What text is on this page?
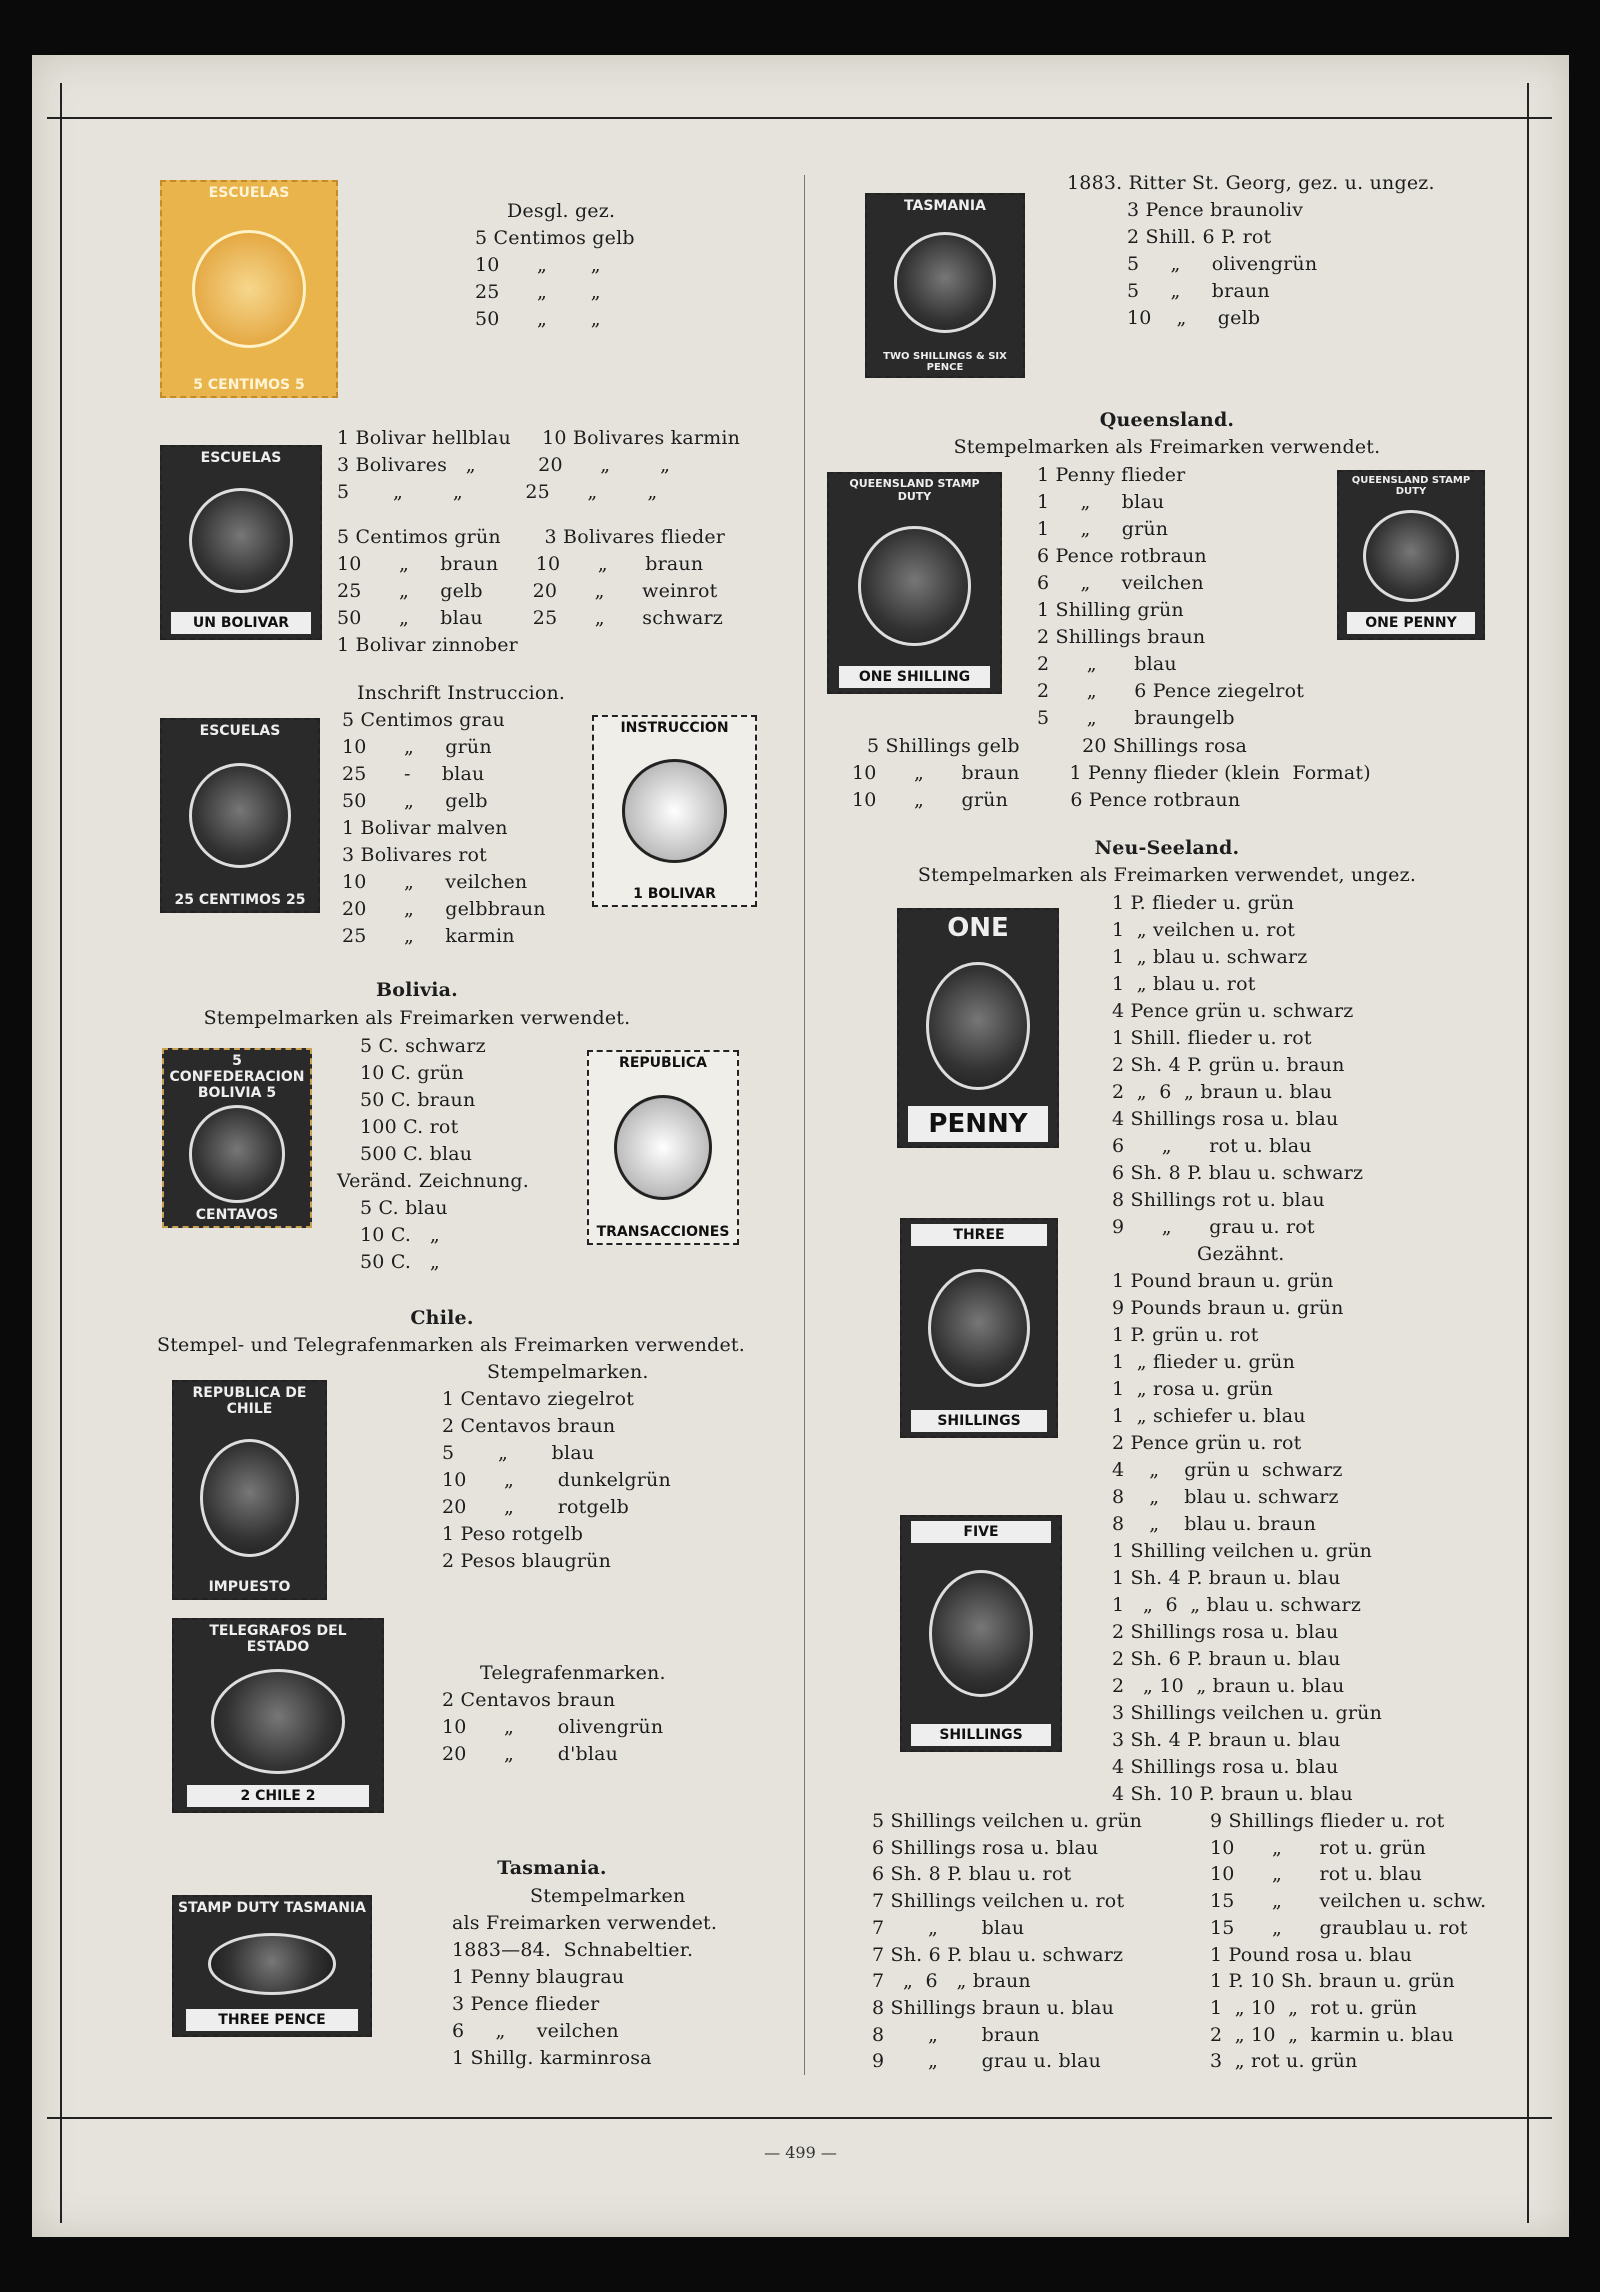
ESCUELAS
5 CENTIMOS 5
ESCUELAS
UN BOLIVAR
ESCUELAS
25 CENTIMOS 25
INSTRUCCION
1 BOLIVAR
5 CONFEDERACION BOLIVIA 5
CENTAVOS
REPUBLICA
TRANSACCIONES
REPUBLICA DE CHILE
IMPUESTO
TELEGRAFOS DEL ESTADO
2 CHILE 2
STAMP DUTY TASMANIA
THREE PENCE
TASMANIA
TWO SHILLINGS & SIX PENCE
QUEENSLAND STAMP DUTY
ONE SHILLING
QUEENSLAND STAMP DUTY
ONE PENNY
ONE
PENNY
THREE
SHILLINGS
FIVE
SHILLINGS
Desgl. gez.
5 Centimos gelb
10      „       „
25      „       „
50      „       „
1 Bolivar hellblau     10 Bolivares karmin
3 Bolivares   „          20      „        „
5       „        „          25      „        „
5 Centimos grün       3 Bolivares flieder
10      „     braun      10      „      braun
25      „     gelb        20      „      weinrot
50      „     blau        25      „      schwarz
1 Bolivar zinnober
Inschrift Instruccion.
5 Centimos grau
10      „     grün
25      -     blau
50      „     gelb
1 Bolivar malven
3 Bolivares rot
10      „     veilchen
20      „     gelbbraun
25      „     karmin
Bolivia.
Stempelmarken als Freimarken verwendet.
5 C. schwarz
10 C. grün
50 C. braun
100 C. rot
500 C. blau
Veränd. Zeichnung.
5 C. blau
10 C.   „
50 C.   „
Chile.
Stempel- und Telegrafenmarken als Freimarken verwendet.
Stempelmarken.
1 Centavo ziegelrot
2 Centavos braun
5       „       blau
10      „       dunkelgrün
20      „       rotgelb
1 Peso rotgelb
2 Pesos blaugrün
Telegrafenmarken.
2 Centavos braun
10      „       olivengrün
20      „       d'blau
Tasmania.
Stempelmarken
als Freimarken verwendet.
1883—84.  Schnabeltier.
1 Penny blaugrau
3 Pence flieder
6     „     veilchen
1 Shillg. karminrosa
1883. Ritter St. Georg, gez. u. ungez.
3 Pence braunoliv
2 Shill. 6 P. rot
5     „     olivengrün
5     „     braun
10    „     gelb
Queensland.
Stempelmarken als Freimarken verwendet.
1 Penny flieder
1     „     blau
1     „     grün
6 Pence rotbraun
6     „     veilchen
1 Shilling grün
2 Shillings braun
2      „      blau
2      „      6 Pence ziegelrot
5      „      braungelb
5 Shillings gelb          20 Shillings rosa
10      „      braun        1 Penny flieder (klein  Format)
10      „      grün          6 Pence rotbraun
Neu-Seeland.
Stempelmarken als Freimarken verwendet, ungez.
1 P. flieder u. grün
1  „ veilchen u. rot
1  „ blau u. schwarz
1  „ blau u. rot
4 Pence grün u. schwarz
1 Shill. flieder u. rot
2 Sh. 4 P. grün u. braun
2  „  6  „ braun u. blau
4 Shillings rosa u. blau
6      „      rot u. blau
6 Sh. 8 P. blau u. schwarz
8 Shillings rot u. blau
9      „      grau u. rot
Gezähnt.
1 Pound braun u. grün
9 Pounds braun u. grün
1 P. grün u. rot
1  „ flieder u. grün
1  „ rosa u. grün
1  „ schiefer u. blau
2 Pence grün u. rot
4    „    grün u  schwarz
8    „    blau u. schwarz
8    „    blau u. braun
1 Shilling veilchen u. grün
1 Sh. 4 P. braun u. blau
1   „  6  „ blau u. schwarz
2 Shillings rosa u. blau
2 Sh. 6 P. braun u. blau
2   „ 10  „ braun u. blau
3 Shillings veilchen u. grün
3 Sh. 4 P. braun u. blau
4 Shillings rosa u. blau
4 Sh. 10 P. braun u. blau
5 Shillings veilchen u. grün
6 Shillings rosa u. blau
6 Sh. 8 P. blau u. rot
7 Shillings veilchen u. rot
7       „       blau
7 Sh. 6 P. blau u. schwarz
7   „  6   „ braun
8 Shillings braun u. blau
8       „       braun
9       „       grau u. blau
9 Shillings flieder u. rot
10      „      rot u. grün
10      „      rot u. blau
15      „      veilchen u. schw.
15      „      graublau u. rot
1 Pound rosa u. blau
1 P. 10 Sh. braun u. grün
1  „ 10  „  rot u. grün
2  „ 10  „  karmin u. blau
3  „ rot u. grün
— 499 —
